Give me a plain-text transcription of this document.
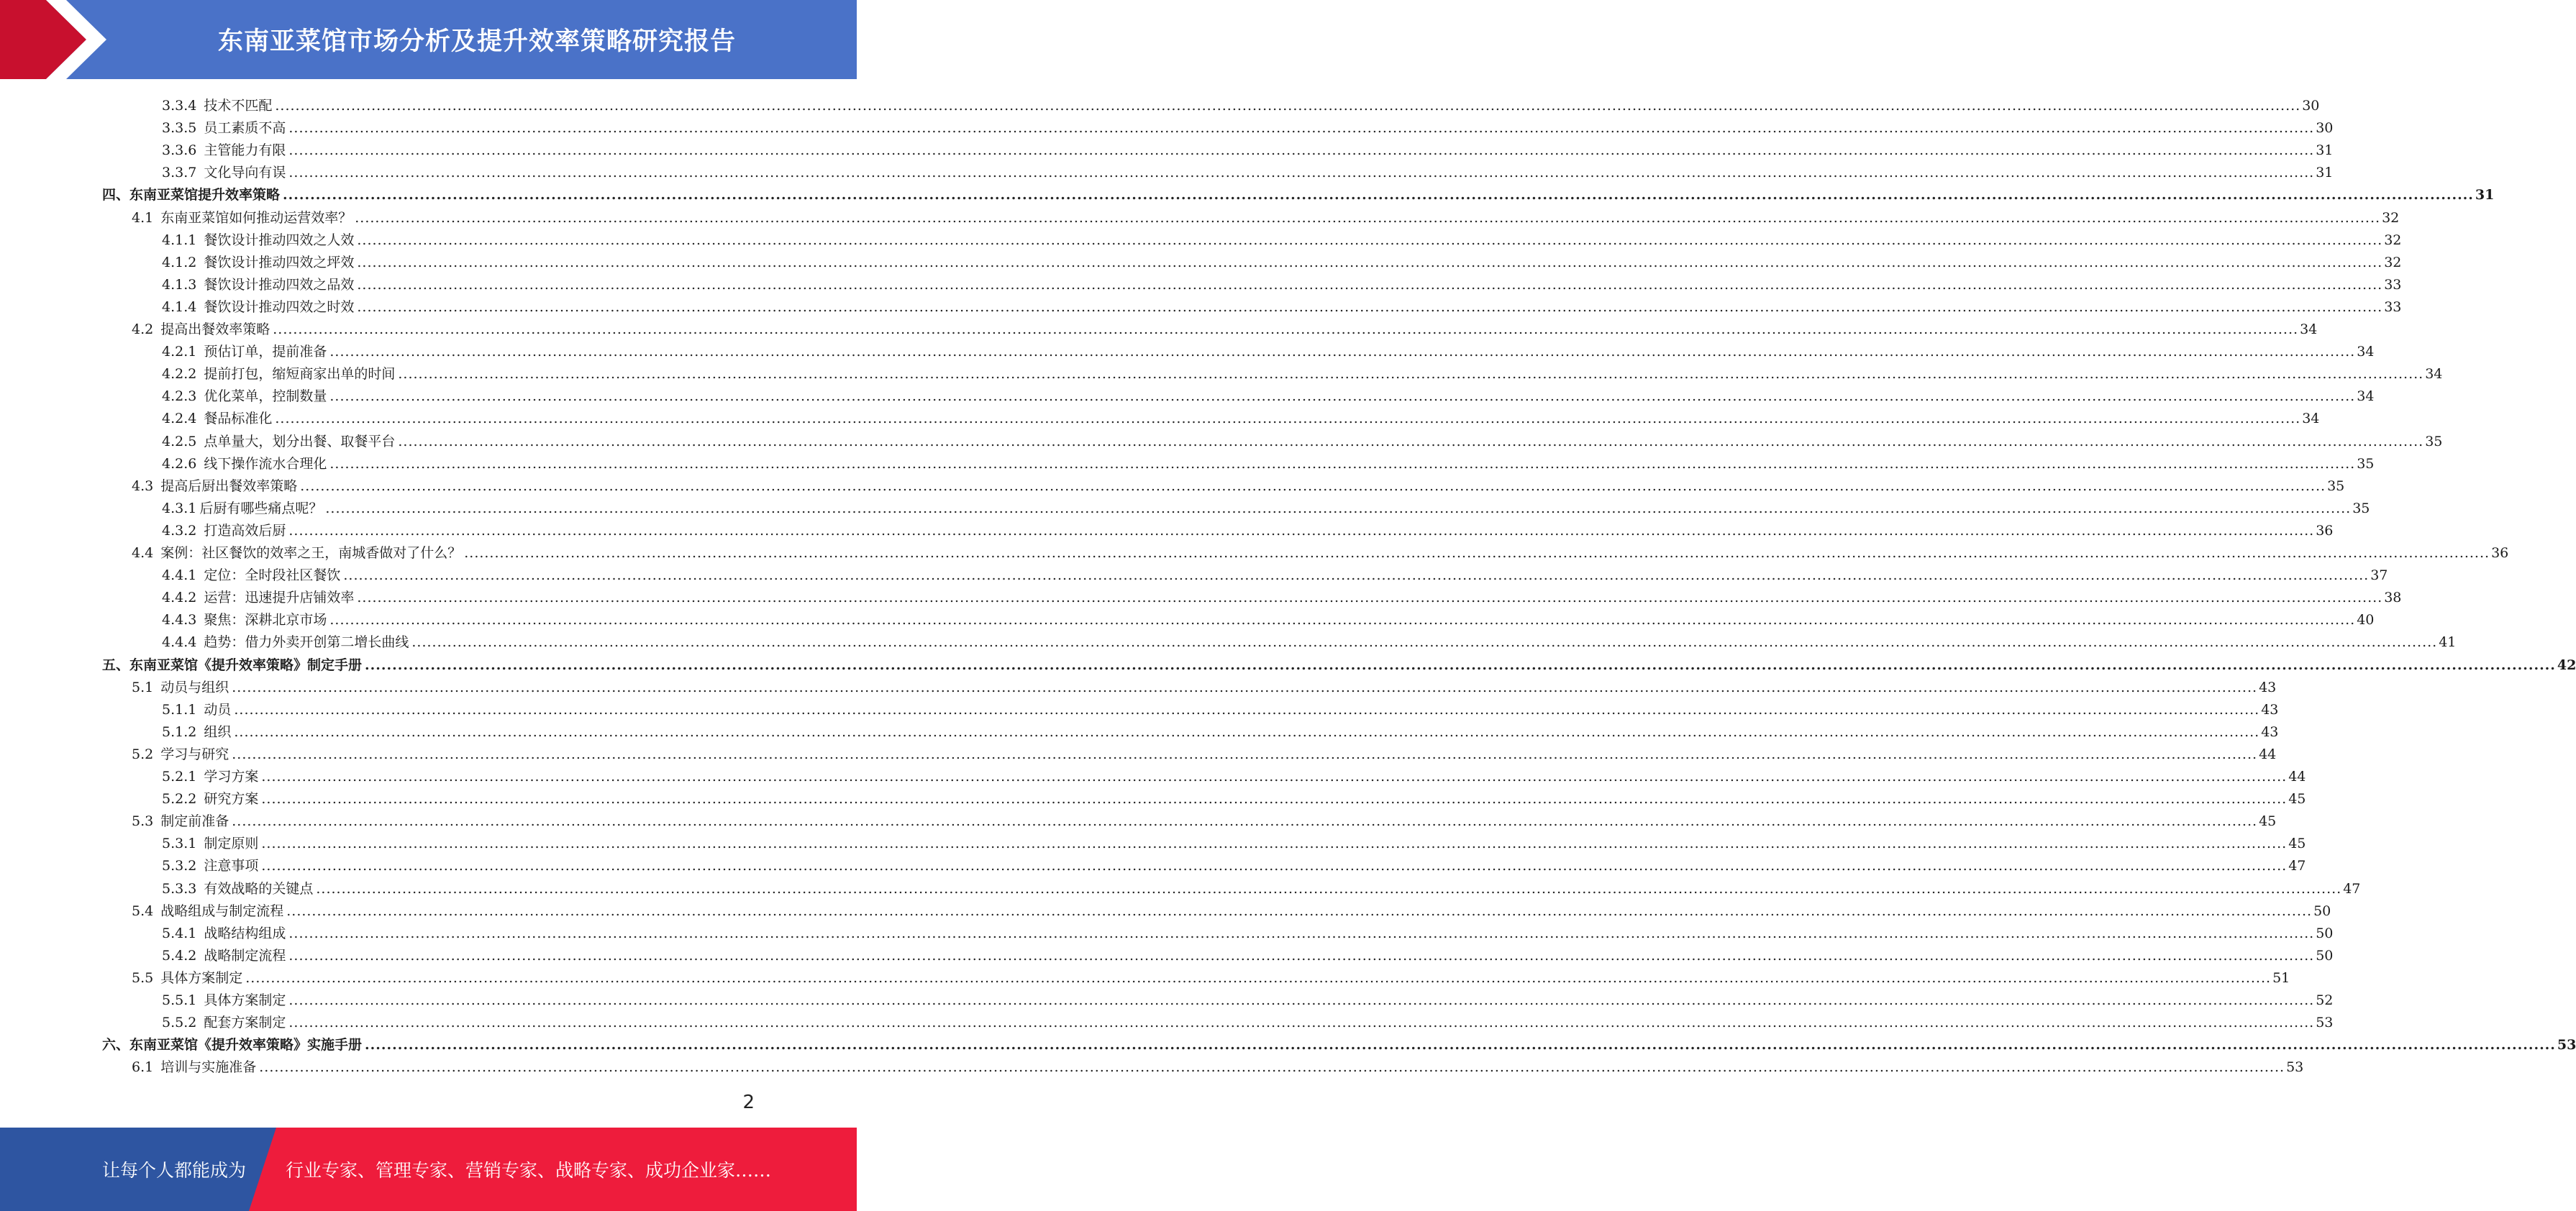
东南亚菜馆市场分析及提升效率策略研究报告
3.3.4 技术不匹配 ................................................................................................................................................................................................................................................................................................................................................................................................................ 30
3.3.5 员工素质不高 ................................................................................................................................................................................................................................................................................................................................................................................................................ 30
3.3.6 主管能力有限 ................................................................................................................................................................................................................................................................................................................................................................................................................ 31
3.3.7 文化导向有误 ................................................................................................................................................................................................................................................................................................................................................................................................................ 31
四、东南亚菜馆提升效率策略 ................................................................................................................................................................................................................................................................................................................................................................................................................ 31
4.1 东南亚菜馆如何推动运营效率？ ................................................................................................................................................................................................................................................................................................................................................................................................................ 32
4.1.1 餐饮设计推动四效之人效 ................................................................................................................................................................................................................................................................................................................................................................................................................ 32
4.1.2 餐饮设计推动四效之坪效 ................................................................................................................................................................................................................................................................................................................................................................................................................ 32
4.1.3 餐饮设计推动四效之品效 ................................................................................................................................................................................................................................................................................................................................................................................................................ 33
4.1.4 餐饮设计推动四效之时效 ................................................................................................................................................................................................................................................................................................................................................................................................................ 33
4.2 提高出餐效率策略 ................................................................................................................................................................................................................................................................................................................................................................................................................ 34
4.2.1 预估订单，提前准备 ................................................................................................................................................................................................................................................................................................................................................................................................................ 34
4.2.2 提前打包，缩短商家出单的时间 ................................................................................................................................................................................................................................................................................................................................................................................................................ 34
4.2.3 优化菜单，控制数量 ................................................................................................................................................................................................................................................................................................................................................................................................................ 34
4.2.4 餐品标准化 ................................................................................................................................................................................................................................................................................................................................................................................................................ 34
4.2.5 点单量大，划分出餐、取餐平台 ................................................................................................................................................................................................................................................................................................................................................................................................................ 35
4.2.6 线下操作流水合理化 ................................................................................................................................................................................................................................................................................................................................................................................................................ 35
4.3 提高后厨出餐效率策略 ................................................................................................................................................................................................................................................................................................................................................................................................................ 35
4.3.1 后厨有哪些痛点呢？ ................................................................................................................................................................................................................................................................................................................................................................................................................ 35
4.3.2 打造高效后厨 ................................................................................................................................................................................................................................................................................................................................................................................................................ 36
4.4 案例：社区餐饮的效率之王，南城香做对了什么？ ................................................................................................................................................................................................................................................................................................................................................................................................................ 36
4.4.1 定位：全时段社区餐饮 ................................................................................................................................................................................................................................................................................................................................................................................................................ 37
4.4.2 运营：迅速提升店铺效率 ................................................................................................................................................................................................................................................................................................................................................................................................................ 38
4.4.3 聚焦：深耕北京市场 ................................................................................................................................................................................................................................................................................................................................................................................................................ 40
4.4.4 趋势：借力外卖开创第二增长曲线 ................................................................................................................................................................................................................................................................................................................................................................................................................ 41
五、东南亚菜馆《提升效率策略》制定手册 ................................................................................................................................................................................................................................................................................................................................................................................................................ 42
5.1 动员与组织 ................................................................................................................................................................................................................................................................................................................................................................................................................ 43
5.1.1 动员 ................................................................................................................................................................................................................................................................................................................................................................................................................ 43
5.1.2 组织 ................................................................................................................................................................................................................................................................................................................................................................................................................ 43
5.2 学习与研究 ................................................................................................................................................................................................................................................................................................................................................................................................................ 44
5.2.1 学习方案 ................................................................................................................................................................................................................................................................................................................................................................................................................ 44
5.2.2 研究方案 ................................................................................................................................................................................................................................................................................................................................................................................................................ 45
5.3 制定前准备 ................................................................................................................................................................................................................................................................................................................................................................................................................ 45
5.3.1 制定原则 ................................................................................................................................................................................................................................................................................................................................................................................................................ 45
5.3.2 注意事项 ................................................................................................................................................................................................................................................................................................................................................................................................................ 47
5.3.3 有效战略的关键点 ................................................................................................................................................................................................................................................................................................................................................................................................................ 47
5.4 战略组成与制定流程 ................................................................................................................................................................................................................................................................................................................................................................................................................ 50
5.4.1 战略结构组成 ................................................................................................................................................................................................................................................................................................................................................................................................................ 50
5.4.2 战略制定流程 ................................................................................................................................................................................................................................................................................................................................................................................................................ 50
5.5 具体方案制定 ................................................................................................................................................................................................................................................................................................................................................................................................................ 51
5.5.1 具体方案制定 ................................................................................................................................................................................................................................................................................................................................................................................................................ 52
5.5.2 配套方案制定 ................................................................................................................................................................................................................................................................................................................................................................................................................ 53
六、东南亚菜馆《提升效率策略》实施手册 ................................................................................................................................................................................................................................................................................................................................................................................................................ 53
6.1 培训与实施准备 ................................................................................................................................................................................................................................................................................................................................................................................................................ 53
2
让每个人都能成为 行业专家、管理专家、营销专家、战略专家、成功企业家……
